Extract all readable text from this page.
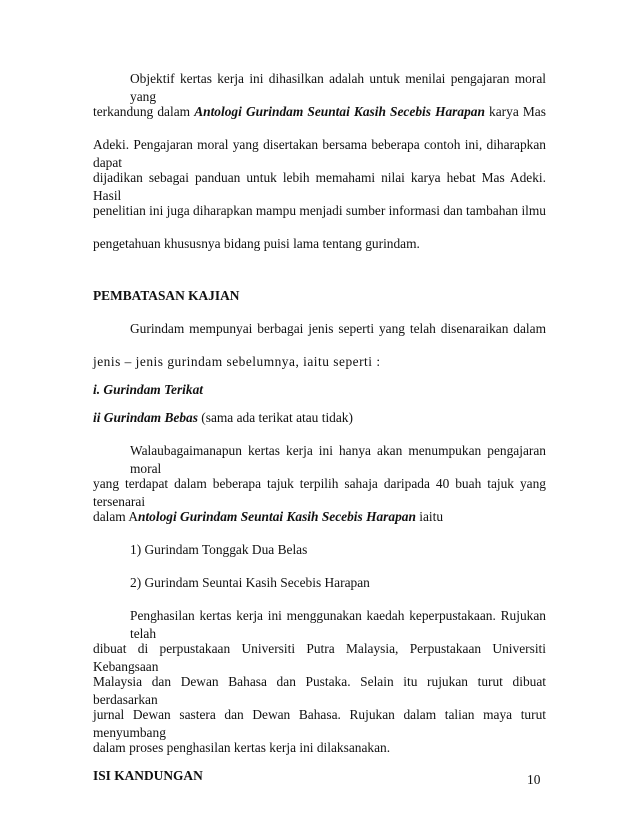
Objektif kertas kerja ini dihasilkan adalah untuk menilai pengajaran moral yang
terkandung dalam Antologi Gurindam Seuntai Kasih Secebis Harapan karya Mas
Adeki. Pengajaran moral yang disertakan bersama beberapa contoh ini, diharapkan dapat
dijadikan sebagai panduan untuk lebih memahami nilai karya hebat Mas Adeki. Hasil
penelitian ini juga diharapkan mampu menjadi sumber informasi dan tambahan ilmu
pengetahuan khususnya bidang puisi lama tentang gurindam.
PEMBATASAN KAJIAN
Gurindam mempunyai berbagai jenis seperti yang telah disenaraikan dalam
jenis – jenis gurindam sebelumnya, iaitu seperti :
i. Gurindam Terikat
ii Gurindam Bebas (sama ada terikat atau tidak)
Walaubagaimanapun kertas kerja ini hanya akan menumpukan pengajaran moral
yang terdapat dalam beberapa tajuk terpilih sahaja daripada 40 buah tajuk yang tersenarai
dalam Antologi Gurindam Seuntai Kasih Secebis Harapan iaitu
1) Gurindam Tonggak Dua Belas
2) Gurindam Seuntai Kasih Secebis Harapan
Penghasilan kertas kerja ini menggunakan kaedah keperpustakaan. Rujukan telah
dibuat di perpustakaan Universiti Putra Malaysia, Perpustakaan Universiti Kebangsaan
Malaysia dan Dewan Bahasa dan Pustaka. Selain itu rujukan turut dibuat berdasarkan
jurnal Dewan sastera dan Dewan Bahasa. Rujukan dalam talian maya turut menyumbang
dalam proses penghasilan kertas kerja ini dilaksanakan.
ISI KANDUNGAN	10
